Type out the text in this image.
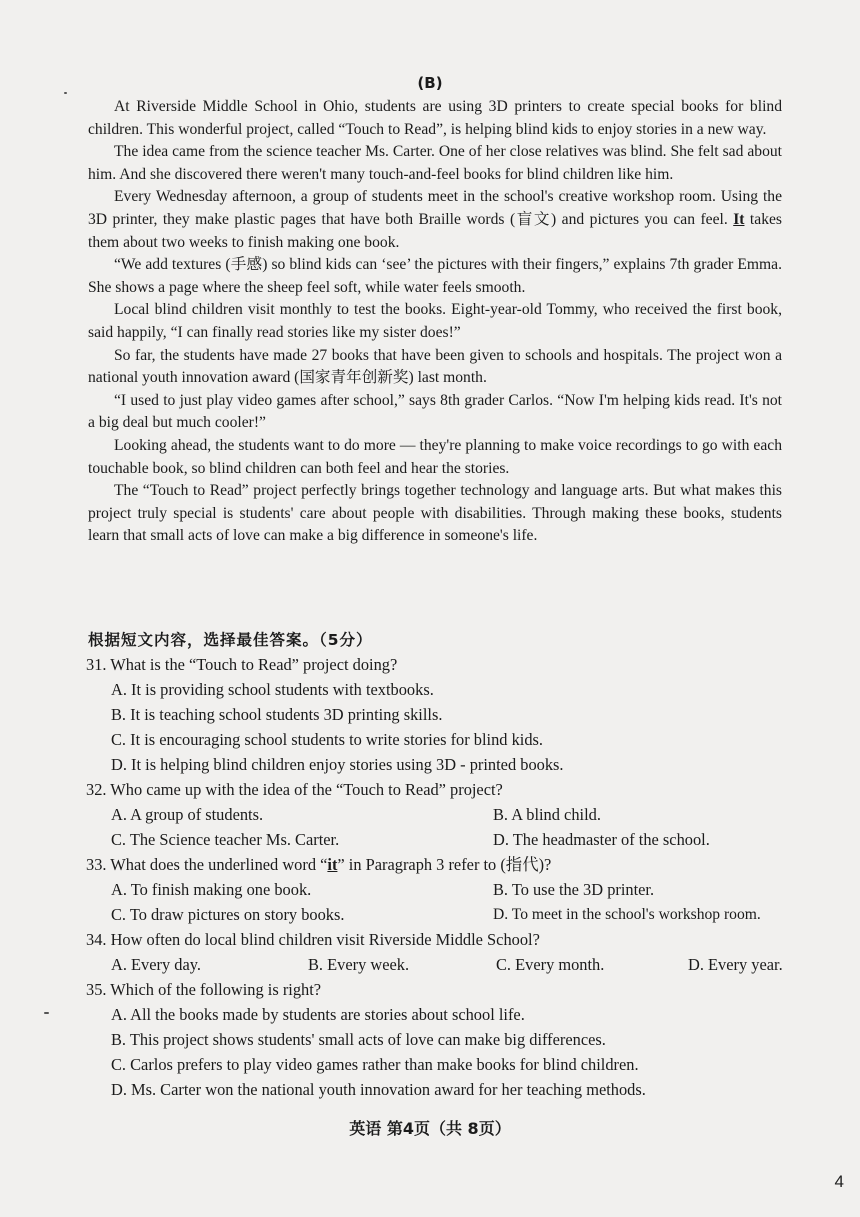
(B)

At Riverside Middle School in Ohio, students are using 3D printers to create special books for blind children. This wonderful project, called “Touch to Read”, is helping blind kids to enjoy stories in a new way.

The idea came from the science teacher Ms. Carter. One of her close relatives was blind. She felt sad about him. And she discovered there weren't many touch-and-feel books for blind children like him.

Every Wednesday afternoon, a group of students meet in the school's creative workshop room. Using the 3D printer, they make plastic pages that have both Braille words (盲文) and pictures you can feel. It takes them about two weeks to finish making one book.

“We add textures (手感) so blind kids can ‘see’ the pictures with their fingers,” explains 7th grader Emma. She shows a page where the sheep feel soft, while water feels smooth.

Local blind children visit monthly to test the books. Eight-year-old Tommy, who received the first book, said happily, “I can finally read stories like my sister does!”

So far, the students have made 27 books that have been given to schools and hospitals. The project won a national youth innovation award (国家青年创新奖) last month.

“I used to just play video games after school,” says 8th grader Carlos. “Now I'm helping kids read. It's not a big deal but much cooler!”

Looking ahead, the students want to do more — they're planning to make voice recordings to go with each touchable book, so blind children can both feel and hear the stories.

The “Touch to Read” project perfectly brings together technology and language arts. But what makes this project truly special is students' care about people with disabilities. Through making these books, students learn that small acts of love can make a big difference in someone's life.

根据短文内容，选择最佳答案。（5分）
31. What is the “Touch to Read” project doing?
A. It is providing school students with textbooks.
B. It is teaching school students 3D printing skills.
C. It is encouraging school students to write stories for blind kids.
D. It is helping blind children enjoy stories using 3D - printed books.
32. Who came up with the idea of the “Touch to Read” project?
A. A group of students.	B. A blind child.
C. The Science teacher Ms. Carter.	D. The headmaster of the school.
33. What does the underlined word “it” in Paragraph 3 refer to (指代)?
A. To finish making one book.	B. To use the 3D printer.
C. To draw pictures on story books.	D. To meet in the school's workshop room.
34. How often do local blind children visit Riverside Middle School?
A. Every day.	B. Every week.	C. Every month.	D. Every year.
35. Which of the following is right?
A. All the books made by students are stories about school life.
B. This project shows students' small acts of love can make big differences.
C. Carlos prefers to play video games rather than make books for blind children.
D. Ms. Carter won the national youth innovation award for her teaching methods.
英语 第4页（共 8页）
4
